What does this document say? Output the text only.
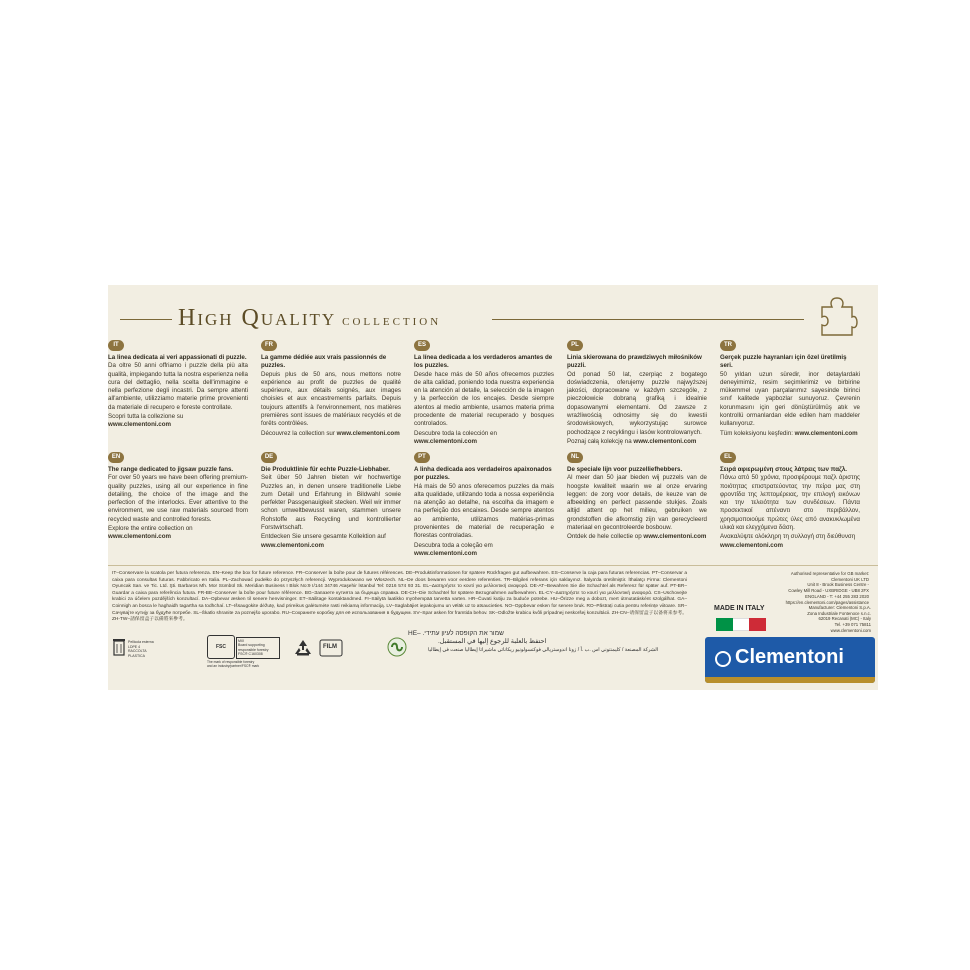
High Quality collection
IT
La linea dedicata ai veri appassionati di puzzle.
Da oltre 50 anni offriamo i puzzle della più alta qualità, impiegando tutta la nostra esperienza nella cura del dettaglio, nella scelta dell'immagine e nella perfezione degli incastri. Da sempre attenti all'ambiente, utilizziamo materie prime provenienti da materiale di recupero e foreste controllate.
Scopri tutta la collezione su www.clementoni.com
FR
La gamme dédiée aux vrais passionnés de puzzles.
Depuis plus de 50 ans, nous mettons notre expérience au profit de puzzles de qualité supérieure, aux détails soignés, aux images choisies et aux encastrements parfaits. Depuis toujours attentifs à l'environnement, nos matières premières sont issues de matériaux recyclés et de forêts contrôlées.
Découvrez la collection sur www.clementoni.com
ES
La línea dedicada a los verdaderos amantes de los puzzles.
Desde hace más de 50 años ofrecemos puzzles de alta calidad, poniendo toda nuestra experiencia en la atención al detalle, la selección de la imagen y la perfección de los encajes. Desde siempre atentos al medio ambiente, usamos materia prima procedente de material recuperado y bosques controlados.
Descubre toda la colección en www.clementoni.com
PL
Linia skierowana do prawdziwych miłośników puzzli.
Od ponad 50 lat, czerpiąc z bogatego doświadczenia, oferujemy puzzle najwyższej jakości, dopracowane w każdym szczególe, z pieczołowicie dobraną grafiką i idealnie dopasowanymi elementami. Od zawsze z wrażliwością odnosimy się do kwestii środowiskowych, wykorzystując surowce pochodzące z recyklingu i lasów kontrolowanych.
Poznaj całą kolekcję na www.clementoni.com
TR
Gerçek puzzle hayranları için özel üretilmiş seri.
50 yıldan uzun süredir, inor detaylardaki deneyimimiz, resim seçimlerimiz ve birbirine mükemmel uyan parçalarımız sayesinde birinci sınıf kalitede yapbozlar sunuyoruz. Çevrenin korunmasını için geri dönüştürülmüş atık ve kontrollü ormanlardan elde edilen ham maddeler kullanıyoruz.
Tüm koleksiyonu keşfedin: www.clementoni.com
EN
The range dedicated to jigsaw puzzle fans.
For over 50 years we have been offering premium-quality puzzles, using all our experience in fine detailing, the choice of the image and the perfection of the interlocks. Ever attentive to the environment, we use raw materials sourced from recycled waste and controlled forests.
Explore the entire collection on www.clementoni.com
DE
Die Produktlinie für echte Puzzle-Liebhaber.
Seit über 50 Jahren bieten wir hochwertige Puzzles an, in denen unsere traditionelle Liebe zum Detail und Erfahrung in Bildwahl sowie perfekter Passgenauigkeit stecken. Weil wir immer schon umweltbewusst waren, stammen unsere Rohstoffe aus Recycling und kontrollierter Forstwirtschaft.
Entdecken Sie unsere gesamte Kollektion auf www.clementoni.com
PT
A linha dedicada aos verdadeiros apaixonados por puzzles.
Há mais de 50 anos oferecemos puzzles da mais alta qualidade, utilizando toda a nossa experiência na atenção ao detalhe, na escolha da imagem e na perfeição dos encaixes. Desde sempre atentos ao ambiente, utilizamos matérias-primas provenientes de material de recuperação e florestas controladas.
Descubra toda a coleção em www.clementoni.com
NL
De speciale lijn voor puzzelliefhebbers.
Al meer dan 50 jaar bieden wij puzzels van de hoogste kwaliteit waarin we al onze ervaring leggen: de zorg voor details, de keuze van de afbeelding en perfect passende stukjes. Zoals altijd attent op het milieu, gebruiken we grondstoffen die afkomstig zijn van gerecycleerd materiaal en gecontroleerde bosbouw.
Ontdek de hele collectie op www.clementoni.com
EL
Σειρά αφιερωμένη στους λάτρεις των παζλ.
Πάνω από 50 χρόνια, προσφέρουμε παζλ άριστης ποιότητας επιστρατεύοντας την πείρα μας στη φροντίδα της λεπτομέρειας, την επιλογή εικόνων και την τελειότητα των συνδέσεων. Πάντα προσεκτικοί απέναντι στο περιβάλλον, χρησιμοποιούμε πρώτες ύλες από ανακυκλωμένα υλικά και ελεγχόμενα δάση.
Ανακαλύψτε ολόκληρη τη συλλογή στη διεύθυνση www.clementoni.com
IT–Conservare la scatola per futura referenza. EN–Keep the box for future reference. FR–Conserver la boîte pour de futures références. DE–Produktinformationen für spätere Rückfragen gut aufbewahren. ES–Conserve la caja para futuras referencias. PT–Conservar a caixa para consultas futuras. Fabbricato en Italia. PL–Zachować pudełko do przyszłych referencji. Wyprodukowano we Włoszech. NL–De doos bewaren voor eerdere referenties. TR–Bilgileri referans için saklayınız. İtalya'da üretilmiştir. İthalatçı Firma: Clementoni Oyuncak San. ve Tic. Ltd. Şti. Barbaros Mh. Mor Sümbül Sk. Meridian Business I Blok No:9 I/144 34746 Ataşehir İstanbul Tel: 0216 574 93 31. EL–Διατηρήστε το κουτί για μελλοντική αναφορά. DE-AT–Bewahren Sie die Schachtel als Referenz für später auf. PT-BR–Guardar a caixa para referência futura. FR-BE–Conserver la boîte pour future référence. BG–Запазете кутията за бъдеща справка. DE-CH–Die Schachtel für spätere Bezugnahmen aufbewahren. EL-CY–Διατηρήστε το κουτί για μελλοντική αναφορά. CS–Uschovejte krabici za účelem pozdějších konzultací. DA–Opbevar æsken til senere henvisninger. ET–Säilitage kontaktandmed. FI–Säilytä laatikko myöhempää tarvetta varten. HR–Čuvati kutiju za buduće potrebe. HU–Őrizze meg a dobozt, mert útmutatásként szolgálhat. GA–Coinnigh an bosca le haghaidh tagartha sa todhchaí. LT–Išsaugokite dėžutę, kad prireikus galėtumėte rasti reikiamą informaciją. LV–Saglabājiet iepakojumu un vēlāk uz to atsaucieties. NO–Oppbevar esken for senere bruk. RO–Păstrați cutia pentru referințe viitoare. SR–Сачувајте кутију за будуће потребе. SL–Škatlo shranite za poznejšo uporabo. RU–Сохраните коробку для её использования в будущем. SV–Spar asken för framtida behov. SK–Odložte krabicu kvôli prípadnej neskoršej konzultácii. ZH-CN–请保留盒子以备将来参考。 ZH-TW–請保留盒子以備將來參考。
שמור את הקופסה לעיון עתידי. –HE
احتفظ بالعلبة للرجوع إليها في المستقبل.
الشركة المصنعة / كليمنتوني اس .ب .أ / زونا اندوستريالي فوكنسولونيو ريكاناتي ماشيراتا إيطاليا صنعت في إيطاليا
Pellicola esterna
LDPE 4
RACCOLTA PLASTICA
FSC
MIX
Board supporting responsible forestry
FSC® C160308
The mark of responsible forestry
and an industry/partner/FSC® mark
FILM
Authorised representative for GB market:
Clementoni UK LTD
Unit 8 - Brook Business Centre -
Cowley Mill Road - UXBRIDGE - UB8 2FX
ENGLAND - T: +44 255 283 2020
https://en.clementoni.com/pages/assistance
MADE IN ITALY	Manufacturer: Clementoni S.p.A.
Zona Industriale Fontenoce s.n.c.
62019 Recanati (MC) - Italy
Tel. +39 071 75811
www.clementoni.com
Clementoni
